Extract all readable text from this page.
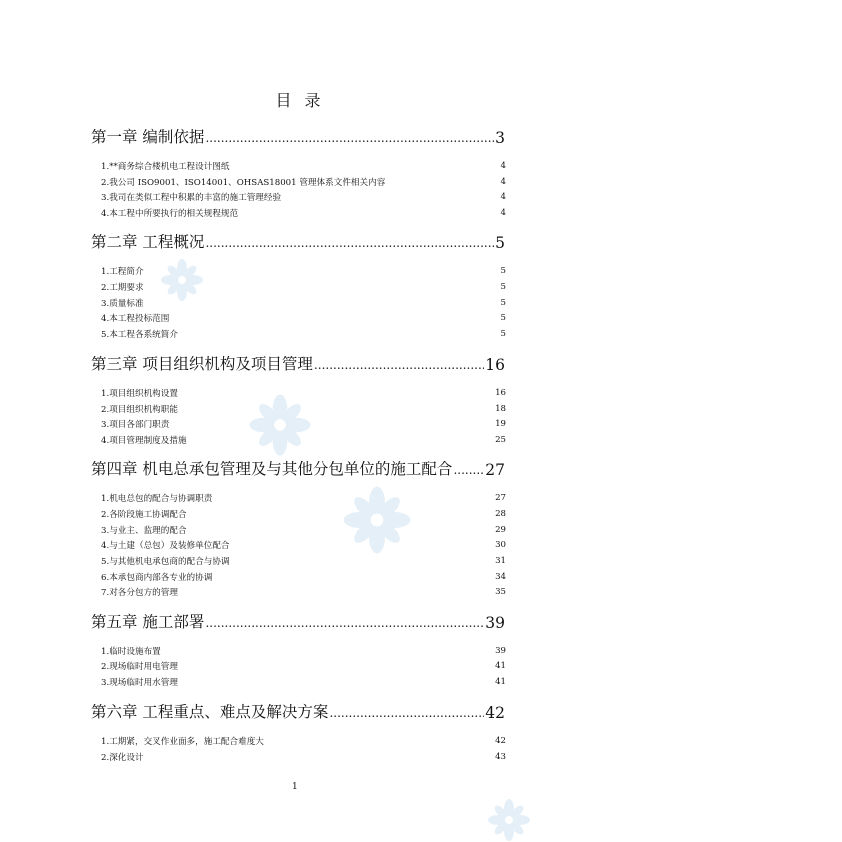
目 录
第一章 编制依据 .....	3
1.**商务综合楼机电工程设计图纸	4
2.我公司 ISO9001、ISO14001、OHSAS18001 管理体系文件相关内容	4
3.我司在类似工程中积累的丰富的施工管理经验	4
4.本工程中所要执行的相关规程规范	4
第二章 工程概况 .....	5
1.工程简介	5
2.工期要求	5
3.质量标准	5
4.本工程投标范围	5
5.本工程各系统简介	5
第三章 项目组织机构及项目管理 .....	16
1.项目组织机构设置	16
2.项目组织机构职能	18
3.项目各部门职责	19
4.项目管理制度及措施	25
第四章 机电总承包管理及与其他分包单位的施工配合 ..... 27
1.机电总包的配合与协调职责	27
2.各阶段施工协调配合	28
3.与业主、监理的配合	29
4.与土建（总包）及装修单位配合	30
5.与其他机电承包商的配合与协调	31
6.本承包商内部各专业的协调	34
7.对各分包方的管理	35
第五章 施工部署 .....	39
1.临时设施布置	39
2.现场临时用电管理	41
3.现场临时用水管理	41
第六章 工程重点、难点及解决方案 .....	42
1.工期紧，交叉作业面多，施工配合难度大	42
2.深化设计	43
1
